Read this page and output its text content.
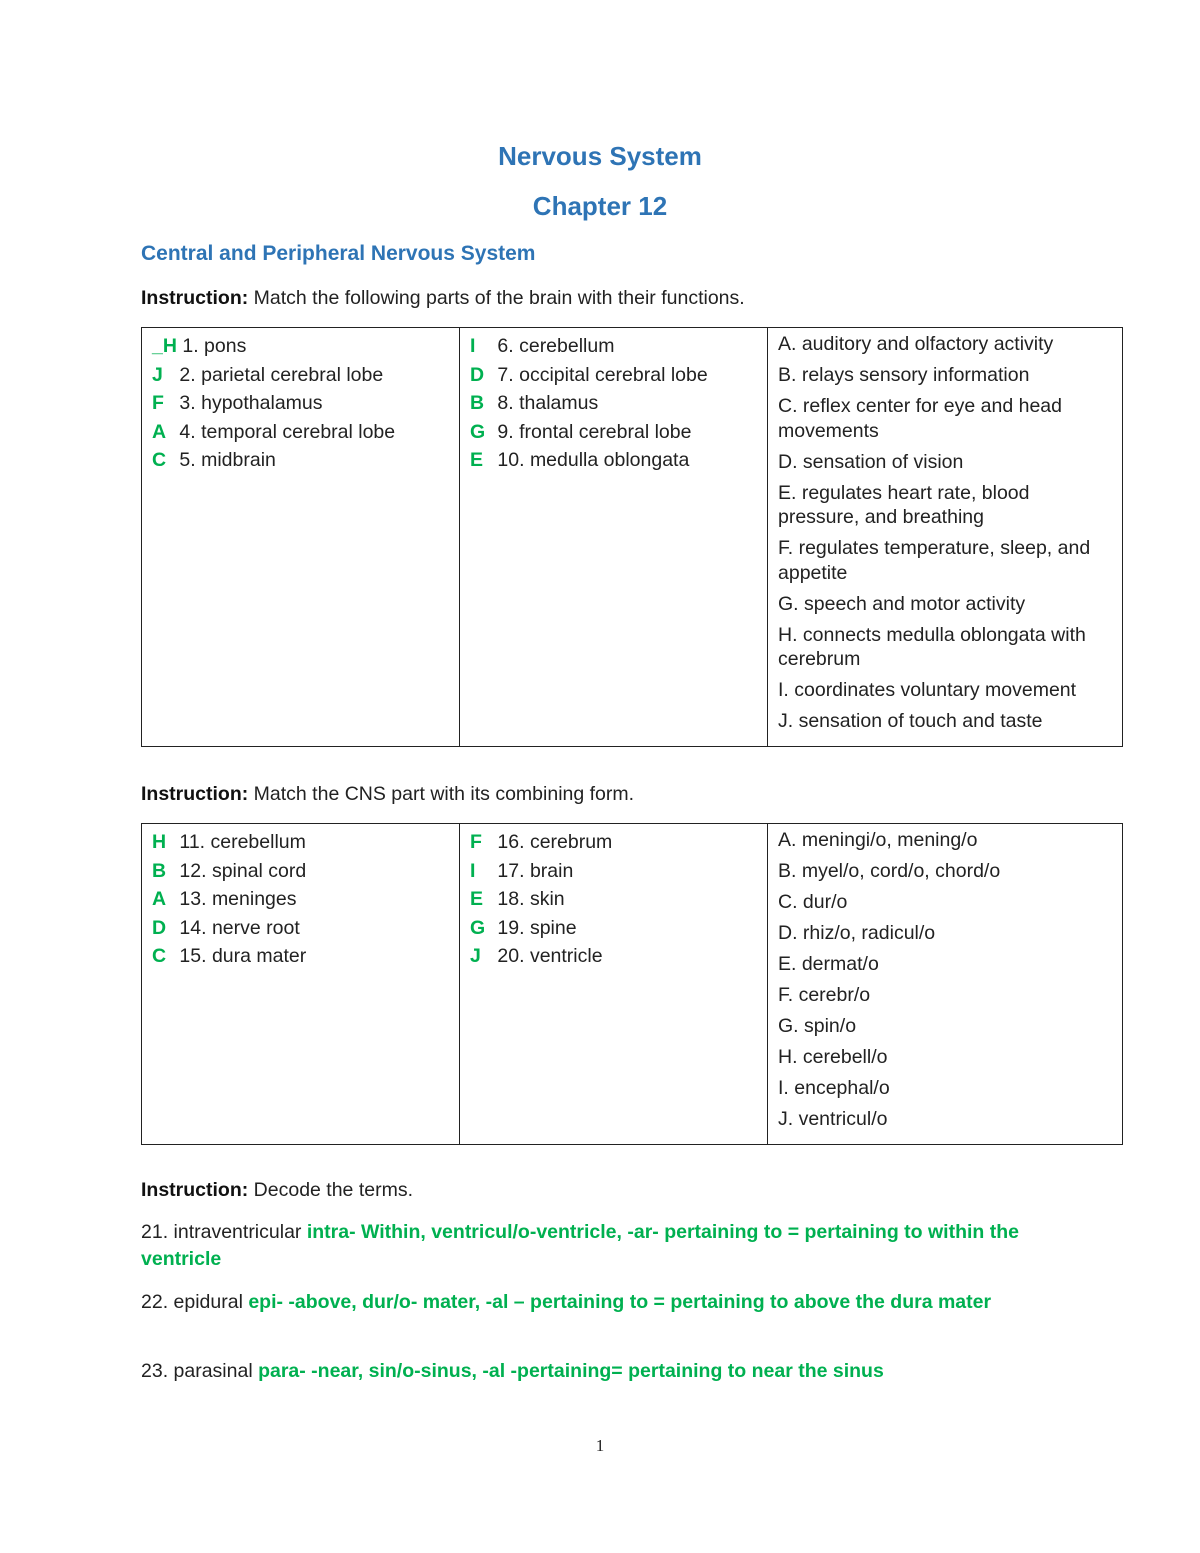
Nervous System
Chapter 12
Central and Peripheral Nervous System
Instruction: Match the following parts of the brain with their functions.
_H 1. pons
J 2. parietal cerebral lobe
F 3. hypothalamus
A 4. temporal cerebral lobe
C 5. midbrain

I 6. cerebellum
D 7. occipital cerebral lobe
B 8. thalamus
G 9. frontal cerebral lobe
E 10. medulla oblongata

A. auditory and olfactory activity
B. relays sensory information
C. reflex center for eye and head movements
D. sensation of vision
E. regulates heart rate, blood pressure, and breathing
F. regulates temperature, sleep, and appetite
G. speech and motor activity
H. connects medulla oblongata with cerebrum
I. coordinates voluntary movement
J. sensation of touch and taste
Instruction: Match the CNS part with its combining form.
H 11. cerebellum
B 12. spinal cord
A 13. meninges
D 14. nerve root
C 15. dura mater

F 16. cerebrum
I 17. brain
E 18. skin
G 19. spine
J 20. ventricle

A. meningi/o, mening/o
B. myel/o, cord/o, chord/o
C. dur/o
D. rhiz/o, radicul/o
E. dermat/o
F. cerebr/o
G. spin/o
H. cerebell/o
I. encephal/o
J. ventricul/o
Instruction: Decode the terms.
21. intraventricular intra- Within, ventricul/o-ventricle, -ar- pertaining to = pertaining to within the ventricle
22. epidural epi- -above, dur/o- mater, -al – pertaining to = pertaining to above the dura mater
23. parasinal para- -near, sin/o-sinus, -al -pertaining= pertaining to near the sinus
1
